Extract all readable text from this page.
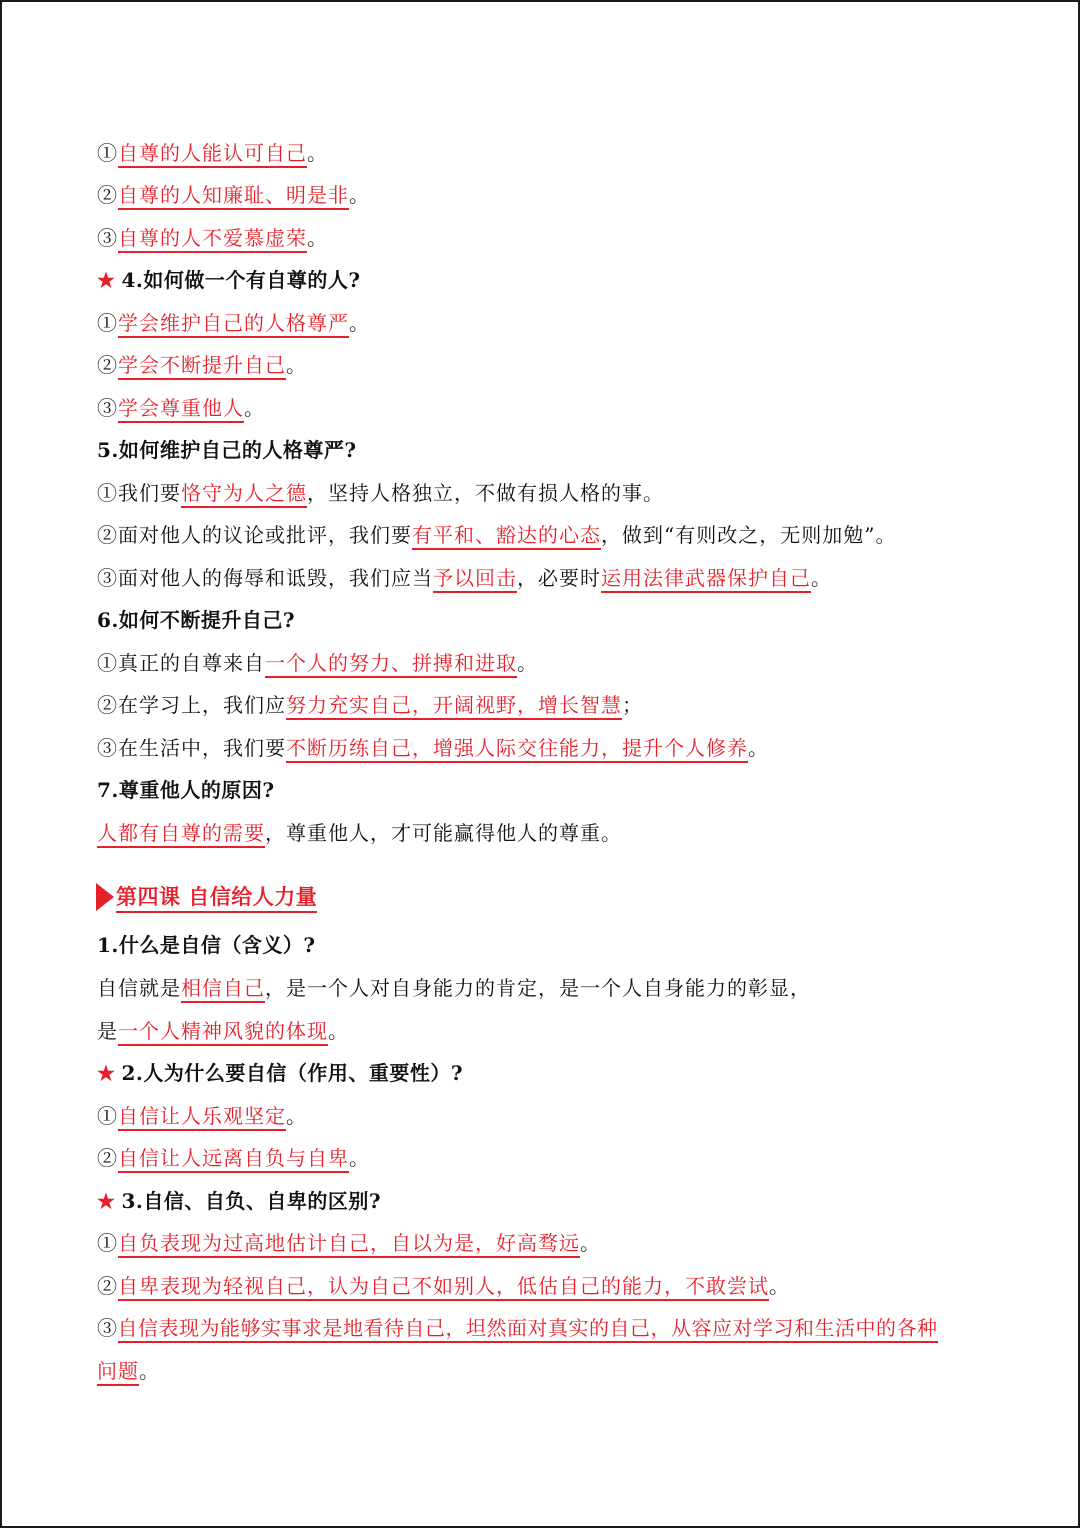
①自尊的人能认可自己。
②自尊的人知廉耻、明是非。
③自尊的人不爱慕虚荣。
★ 4.如何做一个有自尊的人?
①学会维护自己的人格尊严。
②学会不断提升自己。
③学会尊重他人。
5.如何维护自己的人格尊严?
①我们要恪守为人之德，坚持人格独立，不做有损人格的事。
②面对他人的议论或批评，我们要有平和、豁达的心态，做到“有则改之，无则加勉”。
③面对他人的侮辱和诋毁，我们应当予以回击，必要时运用法律武器保护自己。
6.如何不断提升自己?
①真正的自尊来自一个人的努力、拼搏和进取。
②在学习上，我们应努力充实自己，开阔视野，增长智慧；
③在生活中，我们要不断历练自己，增强人际交往能力，提升个人修养。
7.尊重他人的原因?
人都有自尊的需要，尊重他人，才可能赢得他人的尊重。
第四课 自信给人力量
1.什么是自信（含义）?
自信就是相信自己，是一个人对自身能力的肯定，是一个人自身能力的彰显，
是一个人精神风貌的体现。
★ 2.人为什么要自信（作用、重要性）?
①自信让人乐观坚定。
②自信让人远离自负与自卑。
★ 3.自信、自负、自卑的区别?
①自负表现为过高地估计自己，自以为是，好高骛远。
②自卑表现为轻视自己，认为自己不如别人，低估自己的能力，不敢尝试。
③自信表现为能够实事求是地看待自己，坦然面对真实的自己，从容应对学习和生活中的各种
问题。
